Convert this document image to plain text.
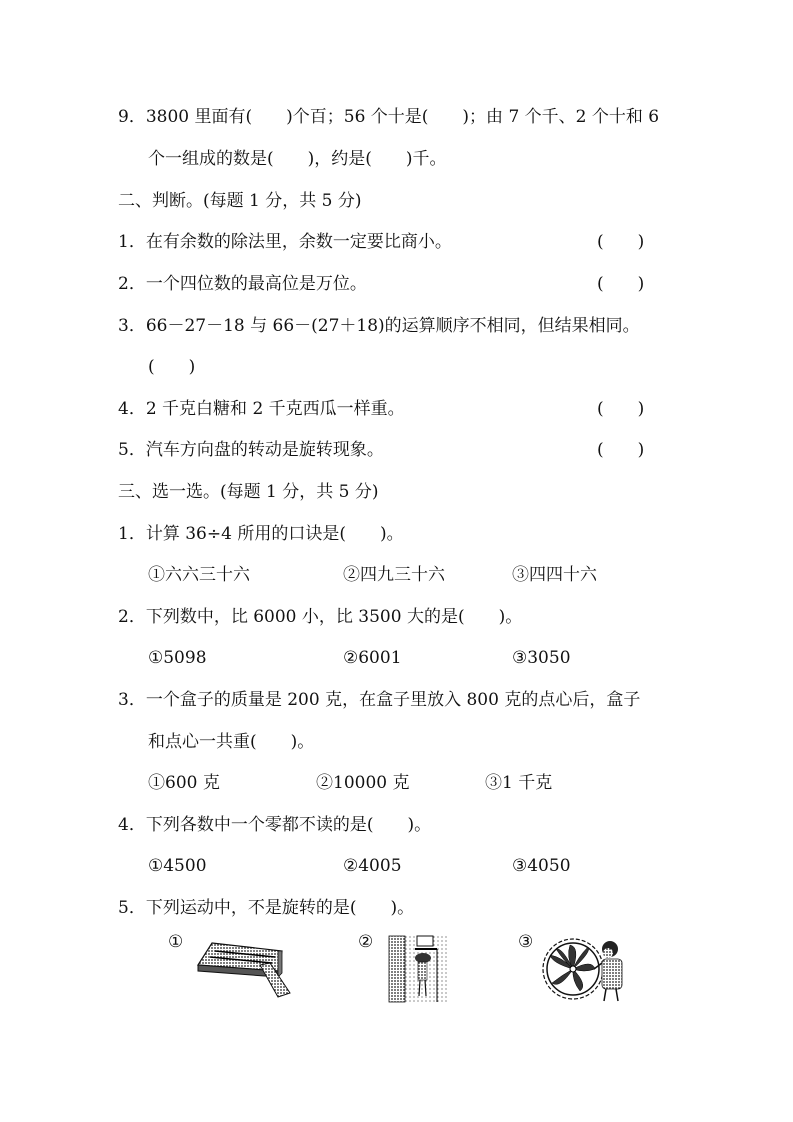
9．3800 里面有(　　)个百；56 个十是(　　)；由 7 个千、2 个十和 6
个一组成的数是(　　)，约是(　　)千。
二、判断。(每题 1 分，共 5 分)
1．在有余数的除法里，余数一定要比商小。	(　　)
2．一个四位数的最高位是万位。	(　　)
3．66－27－18 与 66－(27＋18)的运算顺序不相同，但结果相同。
(　　)
4．2 千克白糖和 2 千克西瓜一样重。	(　　)
5．汽车方向盘的转动是旋转现象。	(　　)
三、选一选。(每题 1 分，共 5 分)
1．计算 36÷4 所用的口诀是(　　)。
①六六三十六	②四九三十六	③四四十六
2．下列数中，比 6000 小，比 3500 大的是(　　)。
①5098	②6001	③3050
3．一个盒子的质量是 200 克，在盒子里放入 800 克的点心后，盒子
和点心一共重(　　)。
①600 克	②10000 克	③1 千克
4．下列各数中一个零都不读的是(　　)。
①4500	②4005	③4050
5．下列运动中，不是旋转的是(　　)。
①	②	③
